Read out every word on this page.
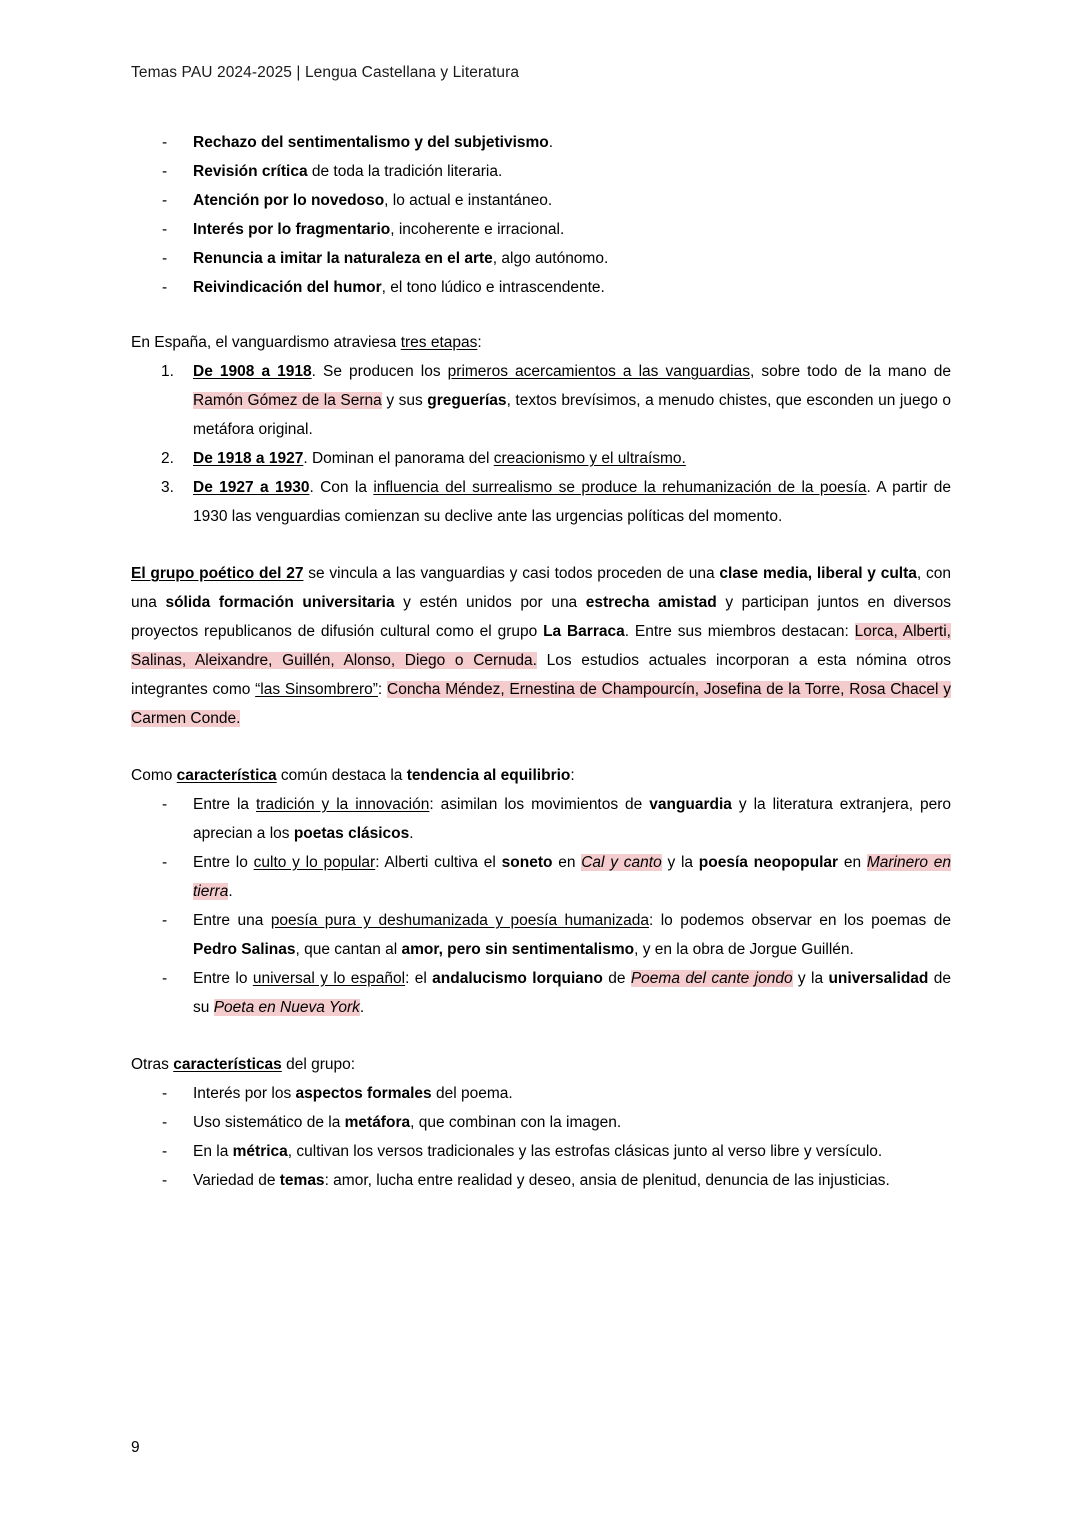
Temas PAU 2024-2025 | Lengua Castellana y Literatura
-	Rechazo del sentimentalismo y del subjetivismo.
-	Revisión crítica de toda la tradición literaria.
-	Atención por lo novedoso, lo actual e instantáneo.
-	Interés por lo fragmentario, incoherente e irracional.
-	Renuncia a imitar la naturaleza en el arte, algo autónomo.
-	Reivindicación del humor, el tono lúdico e intrascendente.

En España, el vanguardismo atraviesa tres etapas:

1.	De 1908 a 1918. Se producen los primeros acercamientos a las vanguardias, sobre todo de la mano de Ramón Gómez de la Serna y sus greguerías, textos brevísimos, a menudo chistes, que esconden un juego o metáfora original.
2.	De 1918 a 1927. Dominan el panorama del creacionismo y el ultraísmo.
3.	De 1927 a 1930. Con la influencia del surrealismo se produce la rehumanización de la poesía. A partir de 1930 las venguardias comienzan su declive ante las urgencias políticas del momento.

El grupo poético del 27 se vincula a las vanguardias y casi todos proceden de una clase media, liberal y culta, con una sólida formación universitaria y estén unidos por una estrecha amistad y participan juntos en diversos proyectos republicanos de difusión cultural como el grupo La Barraca. Entre sus miembros destacan: Lorca, Alberti, Salinas, Aleixandre, Guillén, Alonso, Diego o Cernuda. Los estudios actuales incorporan a esta nómina otros integrantes como “las Sinsombrero”: Concha Méndez, Ernestina de Champourcín, Josefina de la Torre, Rosa Chacel y Carmen Conde.

Como característica común destaca la tendencia al equilibrio:

-	Entre la tradición y la innovación: asimilan los movimientos de vanguardia y la literatura extranjera, pero aprecian a los poetas clásicos.
-	Entre lo culto y lo popular: Alberti cultiva el soneto en Cal y canto y la poesía neopopular en Marinero en tierra.
-	Entre una poesía pura y deshumanizada y poesía humanizada: lo podemos observar en los poemas de Pedro Salinas, que cantan al amor, pero sin sentimentalismo, y en la obra de Jorgue Guillén.
-	Entre lo universal y lo español: el andalucismo lorquiano de Poema del cante jondo y la universalidad de su Poeta en Nueva York.

Otras características del grupo:

-	Interés por los aspectos formales del poema.
-	Uso sistemático de la metáfora, que combinan con la imagen.
-	En la métrica, cultivan los versos tradicionales y las estrofas clásicas junto al verso libre y versículo.
-	Variedad de temas: amor, lucha entre realidad y deseo, ansia de plenitud, denuncia de las injusticias.
9
